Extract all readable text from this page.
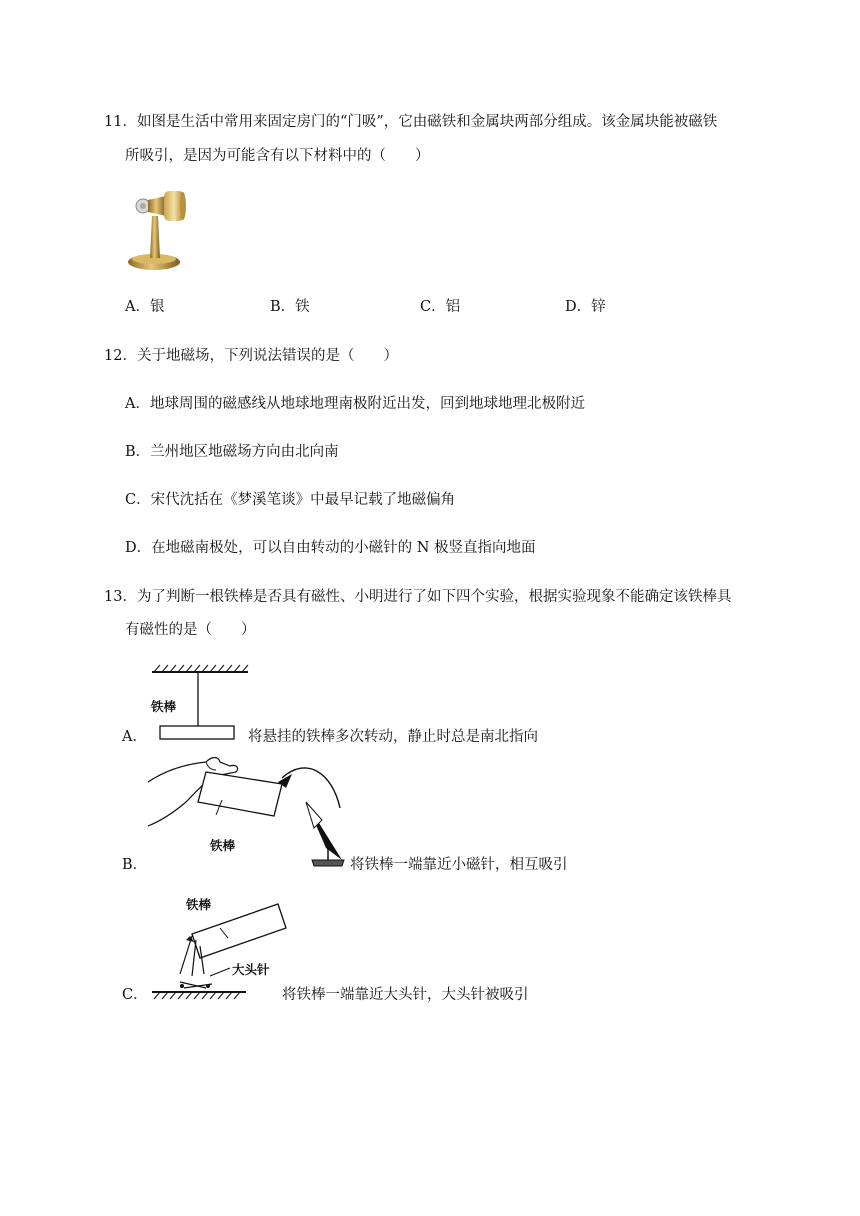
11．如图是生活中常用来固定房门的“门吸”，它由磁铁和金属块两部分组成。该金属块能被磁铁
所吸引，是因为可能含有以下材料中的（　　）
A．银	B．铁	C．铝	D．锌
12．关于地磁场，下列说法错误的是（　　）
A．地球周围的磁感线从地球地理南极附近出发，回到地球地理北极附近
B．兰州地区地磁场方向由北向南
C．宋代沈括在《梦溪笔谈》中最早记载了地磁偏角
D．在地磁南极处，可以自由转动的小磁针的 N 极竖直指向地面
13．为了判断一根铁棒是否具有磁性、小明进行了如下四个实验，根据实验现象不能确定该铁棒具
有磁性的是（　　）
铁棒
A．	将悬挂的铁棒多次转动，静止时总是南北指向
铁棒
B．	将铁棒一端靠近小磁针，相互吸引
铁棒
大头针
C．	将铁棒一端靠近大头针，大头针被吸引
